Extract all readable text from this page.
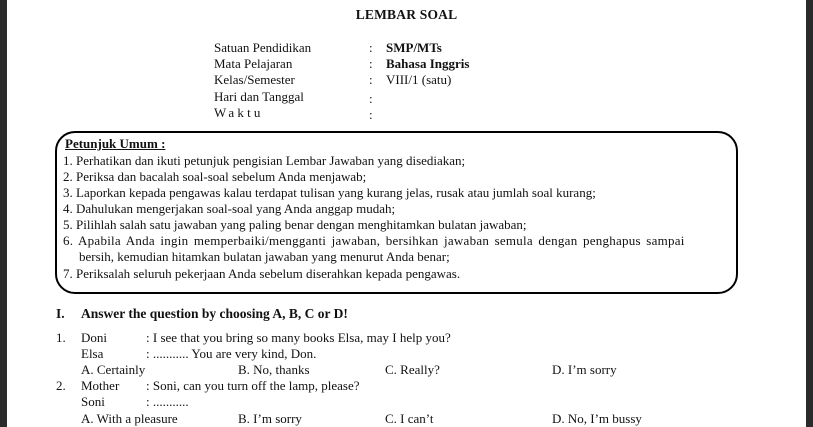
LEMBAR SOAL
Satuan Pendidikan	: SMP/MTs
Mata Pelajaran	: Bahasa Inggris
Kelas/Semester	: VIII/1 (satu)
Hari dan Tanggal	:
Waktu	:
Petunjuk Umum :
1. Perhatikan dan ikuti petunjuk pengisian Lembar Jawaban yang disediakan;
2. Periksa dan bacalah soal-soal sebelum Anda menjawab;
3. Laporkan kepada pengawas kalau terdapat tulisan yang kurang jelas, rusak atau jumlah soal kurang;
4. Dahulukan mengerjakan soal-soal yang Anda anggap mudah;
5. Pilihlah salah satu jawaban yang paling benar dengan menghitamkan bulatan jawaban;
6. Apabila Anda ingin memperbaiki/mengganti jawaban, bersihkan jawaban semula dengan penghapus sampai
bersih, kemudian hitamkan bulatan jawaban yang menurut Anda benar;
7. Periksalah seluruh pekerjaan Anda sebelum diserahkan kepada pengawas.
I. Answer the question by choosing A, B, C or D!
1. Doni	: I see that you bring so many books Elsa, may I help you?
Elsa	: ........... You are very kind, Don.
A. Certainly	B. No, thanks	C. Really?	D. I’m sorry
2. Mother : Soni, can you turn off the lamp, please?
Soni	: ...........
A. With a pleasure	B. I’m sorry	C. I can’t	D. No, I’m bussy
